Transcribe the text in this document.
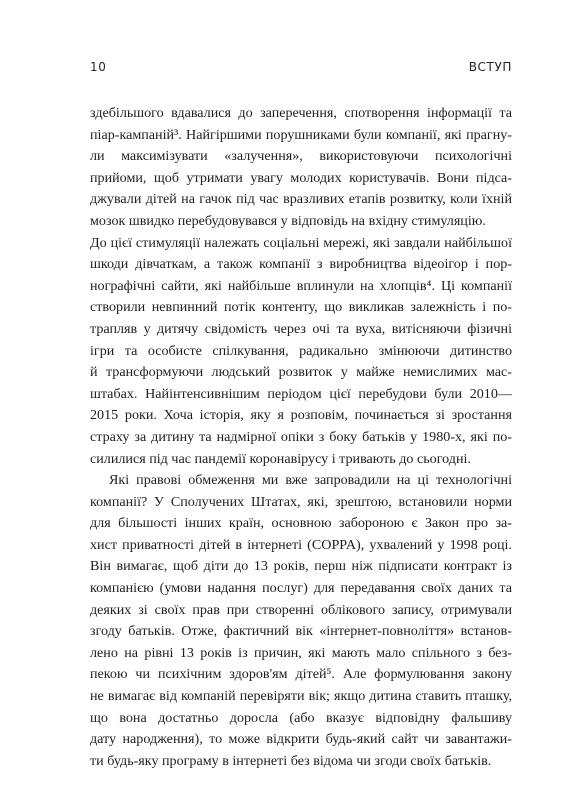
10	ВСТУП

здебільшого вдавалися до заперечення, спотворення інформації та

піар-кампаній³. Найгіршими порушниками були компанії, які прагну-

ли максимізувати «залучення», використовуючи психологічні

прийоми, щоб утримати увагу молодих користувачів. Вони підса-

джували дітей на гачок під час вразливих етапів розвитку, коли їхній

мозок швидко перебудовувався у відповідь на вхідну стимуляцію.

До цієї стимуляції належать соціальні мережі, які завдали найбільшої

шкоди дівчаткам, а також компанії з виробництва відеоігор і пор-

нографічні сайти, які найбільше вплинули на хлопців⁴. Ці компанії

створили невпинний потік контенту, що викликав залежність і по-

трапляв у дитячу свідомість через очі та вуха, витісняючи фізичні

ігри та особисте спілкування, радикально змінюючи дитинство

й трансформуючи людський розвиток у майже немислимих мас-

штабах. Найінтенсивнішим періодом цієї перебудови були 2010—

2015 роки. Хоча історія, яку я розповім, починається зі зростання

страху за дитину та надмірної опіки з боку батьків у 1980-х, які по-

силилися під час пандемії коронавірусу і тривають до сьогодні.

Які правові обмеження ми вже запровадили на ці технологічні

компанії? У Сполучених Штатах, які, зрештою, встановили норми

для більшості інших країн, основною забороною є Закон про за-

хист приватності дітей в інтернеті (COPPA), ухвалений у 1998 році.

Він вимагає, щоб діти до 13 років, перш ніж підписати контракт із

компанією (умови надання послуг) для передавання своїх даних та

деяких зі своїх прав при створенні облікового запису, отримували

згоду батьків. Отже, фактичний вік «інтернет-повноліття» встанов-

лено на рівні 13 років із причин, які мають мало спільного з без-

пекою чи психічним здоров'ям дітей⁵. Але формулювання закону

не вимагає від компаній перевіряти вік; якщо дитина ставить пташку,

що вона достатньо доросла (або вказує відповідну фальшиву

дату народження), то може відкрити будь-який сайт чи завантажи-

ти будь-яку програму в інтернеті без відома чи згоди своїх батьків.
